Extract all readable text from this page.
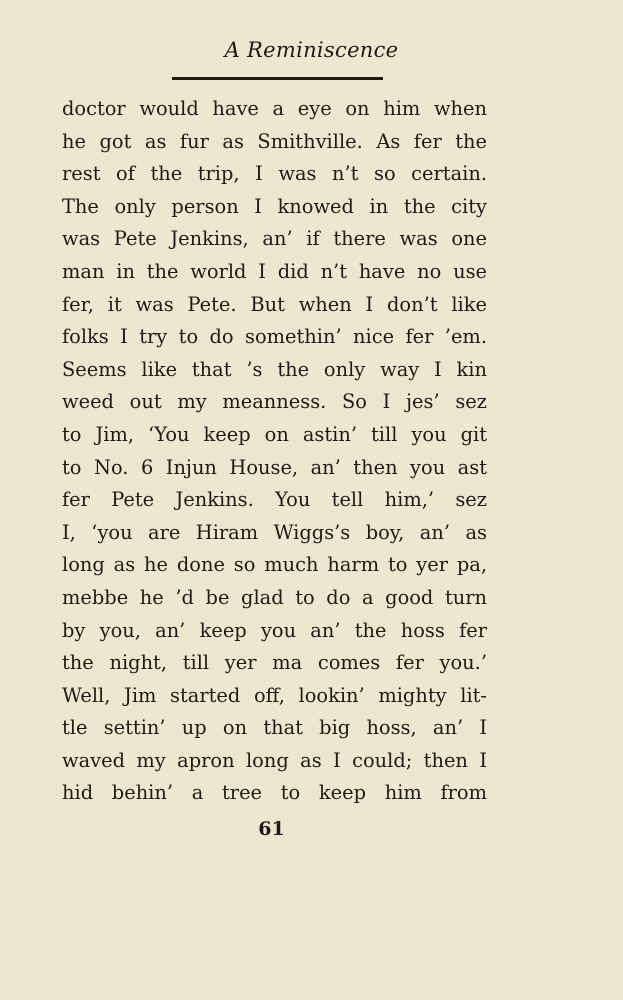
A Reminiscence
doctor would have a eye on him when
he got as fur as Smithville. As fer the
rest of the trip, I was n’t so certain.
The only person I knowed in the city
was Pete Jenkins, an’ if there was one
man in the world I did n’t have no use
fer, it was Pete. But when I don’t like
folks I try to do somethin’ nice fer ’em.
Seems like that ’s the only way I kin
weed out my meanness. So I jes’ sez
to Jim, ‘You keep on astin’ till you git
to No. 6 Injun House, an’ then you ast
fer Pete Jenkins. You tell him,’ sez
I, ‘you are Hiram Wiggs’s boy, an’ as
long as he done so much harm to yer pa,
mebbe he ’d be glad to do a good turn
by you, an’ keep you an’ the hoss fer
the night, till yer ma comes fer you.’
Well, Jim started off, lookin’ mighty lit-
tle settin’ up on that big hoss, an’ I
waved my apron long as I could; then I
hid behin’ a tree to keep him from
61
